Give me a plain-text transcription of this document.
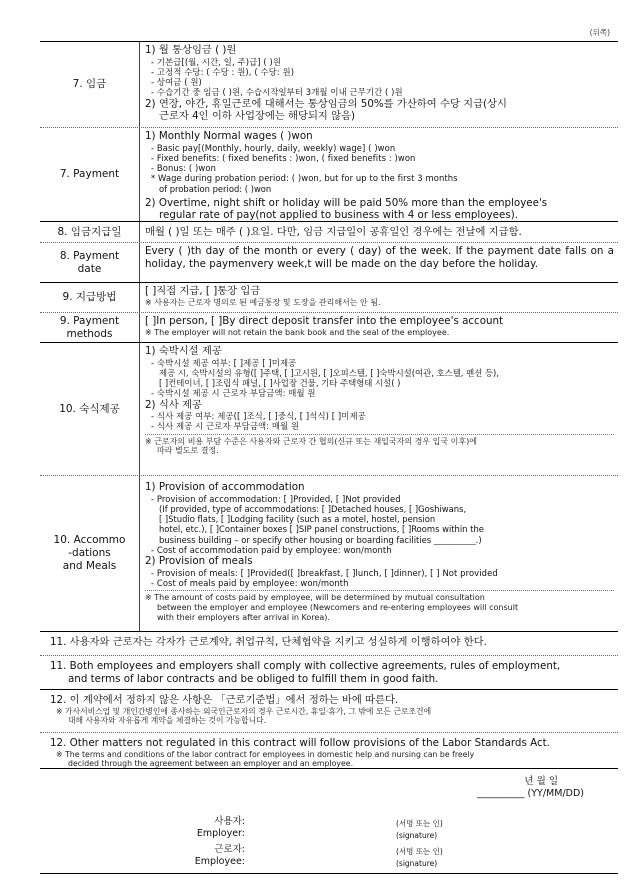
(뒤쪽)
7. 임금
1) 월 통상임금 ( )원
- 기본급[(월, 시간, 일, 주)급] ( )원
- 고정적 수당: ( 수당 : 원), ( 수당: 원)
- 상여금 ( 원)
- 수습기간 중 임금 ( )원, 수습시작일부터 3개월 이내 근무기간 ( )원
2) 연장, 야간, 휴일근로에 대해서는 통상임금의 50%를 가산하여 수당 지급(상시
근로자 4인 이하 사업장에는 해당되지 않음)
7. Payment
1) Monthly Normal wages ( )won
- Basic pay[(Monthly, hourly, daily, weekly) wage] ( )won
- Fixed benefits: ( fixed benefits : )won, ( fixed benefits : )won
- Bonus: ( )won
* Wage during probation period: ( )won, but for up to the first 3 months
of probation period: ( )won
2) Overtime, night shift or holiday will be paid 50% more than the employee's
regular rate of pay(not applied to business with 4 or less employees).
8. 임금지급일	매월 ( )일 또는 매주 ( )요일. 다만, 임금 지급일이 공휴일인 경우에는 전날에 지급함.
8. Payment
date
Every ( )th day of the month or every ( day) of the week. If the payment date falls on a holiday, the paymenvery week,t will be made on the day before the holiday.
9. 지급방법
[ ]직접 지급, [ ]통장 입금
※ 사용자는 근로자 명의로 된 예금통장 및 도장을 관리해서는 안 됨.
9. Payment
methods
[ ]In person, [ ]By direct deposit transfer into the employee's account
※ The employer will not retain the bank book and the seal of the employee.
10. 숙식제공
1) 숙박시설 제공
- 숙박시설 제공 여부: [ ]제공 [ ]미제공
제공 시, 숙박시설의 유형([ ]주택, [ ]고시원, [ ]오피스텔, [ ]숙박시설(여관, 호스텔, 펜션 등),
[ ]컨테이너, [ ]조립식 패널, [ ]사업장 건물, 기타 주택형태 시설( )
- 숙박시설 제공 시 근로자 부담금액: 매월 원
2) 식사 제공
- 식사 제공 여부: 제공([ ]조식, [ ]중식, [ ]석식) [ ]미제공
- 식사 제공 시 근로자 부담금액: 매월 원
※ 근로자의 비용 부담 수준은 사용자와 근로자 간 협의(신규 또는 재입국자의 경우 입국 이후)에
따라 별도로 결정.
10. Accommo
-dations
and Meals
1) Provision of accommodation
- Provision of accommodation: [ ]Provided, [ ]Not provided
(If provided, type of accommodations: [ ]Detached houses, [ ]Goshiwans,
[ ]Studio flats, [ ]Lodging facility (such as a motel, hostel, pension
hotel, etc.), [ ]Container boxes [ ]SIP panel constructions, [ ]Rooms within the
business building – or specify other housing or boarding facilities __________.)
- Cost of accommodation paid by employee: won/month
2) Provision of meals
- Provision of meals: [ ]Provided([ ]breakfast, [ ]lunch, [ ]dinner), [ ] Not provided
- Cost of meals paid by employee: won/month
※ The amount of costs paid by employee, will be determined by mutual consultation
between the employer and employee (Newcomers and re-entering employees will consult
with their employers after arrival in Korea).
11. 사용자와 근로자는 각자가 근로계약, 취업규칙, 단체협약을 지키고 성실하게 이행하여야 한다.
11. Both employees and employers shall comply with collective agreements, rules of employment,
and terms of labor contracts and be obliged to fulfill them in good faith.
12. 이 계약에서 정하지 않은 사항은 「근로기준법」에서 정하는 바에 따른다.
※ 가사서비스업 및 개인간병인에 종사하는 외국인근로자의 경우 근로시간, 휴일·휴가, 그 밖에 모든 근로조건에
대해 사용자와 자유롭게 계약을 체결하는 것이 가능합니다.
12. Other matters not regulated in this contract will follow provisions of the Labor Standards Act.
※ The terms and conditions of the labor contract for employees in domestic help and nursing can be freely
decided through the agreement between an employer and an employee.
년 월 일
__________ (YY/MM/DD)
사용자:
Employer:
(서명 또는 인)
(signature)
근로자:
Employee:
(서명 또는 인)
(signature)
